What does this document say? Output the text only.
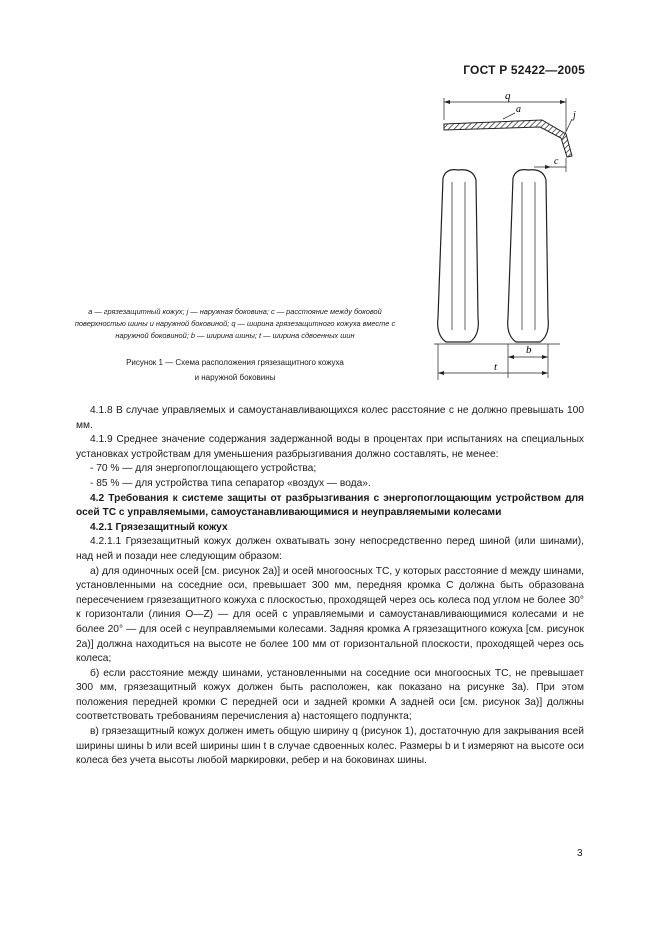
ГОСТ Р 52422—2005
q
a
j
c
b
t
a — грязезащитный кожух; j — наружная боковина; c — расстояние между боковой поверхностью шины и наружной боковиной; q — ширина грязезащитного кожуха вместе с наружной боковиной; b — ширина шины; t — ширина сдвоенных шин
Рисунок 1 — Схема расположения грязезащитного кожуха
и наружной боковины

4.1.8 В случае управляемых и самоустанавливающихся колес расстояние c не должно превышать 100 мм.

4.1.9 Среднее значение содержания задержанной воды в процентах при испытаниях на специальных установках устройствам для уменьшения разбрызгивания должно составлять, не менее:

- 70 % — для энергопоглощающего устройства;

- 85 % — для устройства типа сепаратор «воздух — вода».

4.2 Требования к системе защиты от разбрызгивания с энергопоглощающим устройством для осей ТС с управляемыми, самоустанавливающимися и неуправляемыми колесами

4.2.1 Грязезащитный кожух

4.2.1.1 Грязезащитный кожух должен охватывать зону непосредственно перед шиной (или шинами), над ней и позади нее следующим образом:

а) для одиночных осей [см. рисунок 2а)] и осей многоосных ТС, у которых расстояние d между шинами, установленными на соседние оси, превышает 300 мм, передняя кромка C должна быть образована пересечением грязезащитного кожуха с плоскостью, проходящей через ось колеса под углом не более 30° к горизонтали (линия O—Z) — для осей с управляемыми и самоустанавливающимися колесами и не более 20° — для осей с неуправляемыми колесами. Задняя кромка A грязезащитного кожуха [см. рисунок 2а)] должна находиться на высоте не более 100 мм от горизонтальной плоскости, проходящей через ось колеса;

б) если расстояние между шинами, установленными на соседние оси многоосных ТС, не превышает 300 мм, грязезащитный кожух должен быть расположен, как показано на рисунке 3а). При этом положения передней кромки C передней оси и задней кромки A задней оси [см. рисунок 3а)] должны соответствовать требованиям перечисления а) настоящего подпункта;

в) грязезащитный кожух должен иметь общую ширину q (рисунок 1), достаточную для закрывания всей ширины шины b или всей ширины шин t в случае сдвоенных колес. Размеры b и t измеряют на высоте оси колеса без учета высоты любой маркировки, ребер и на боковинах шины.

3
